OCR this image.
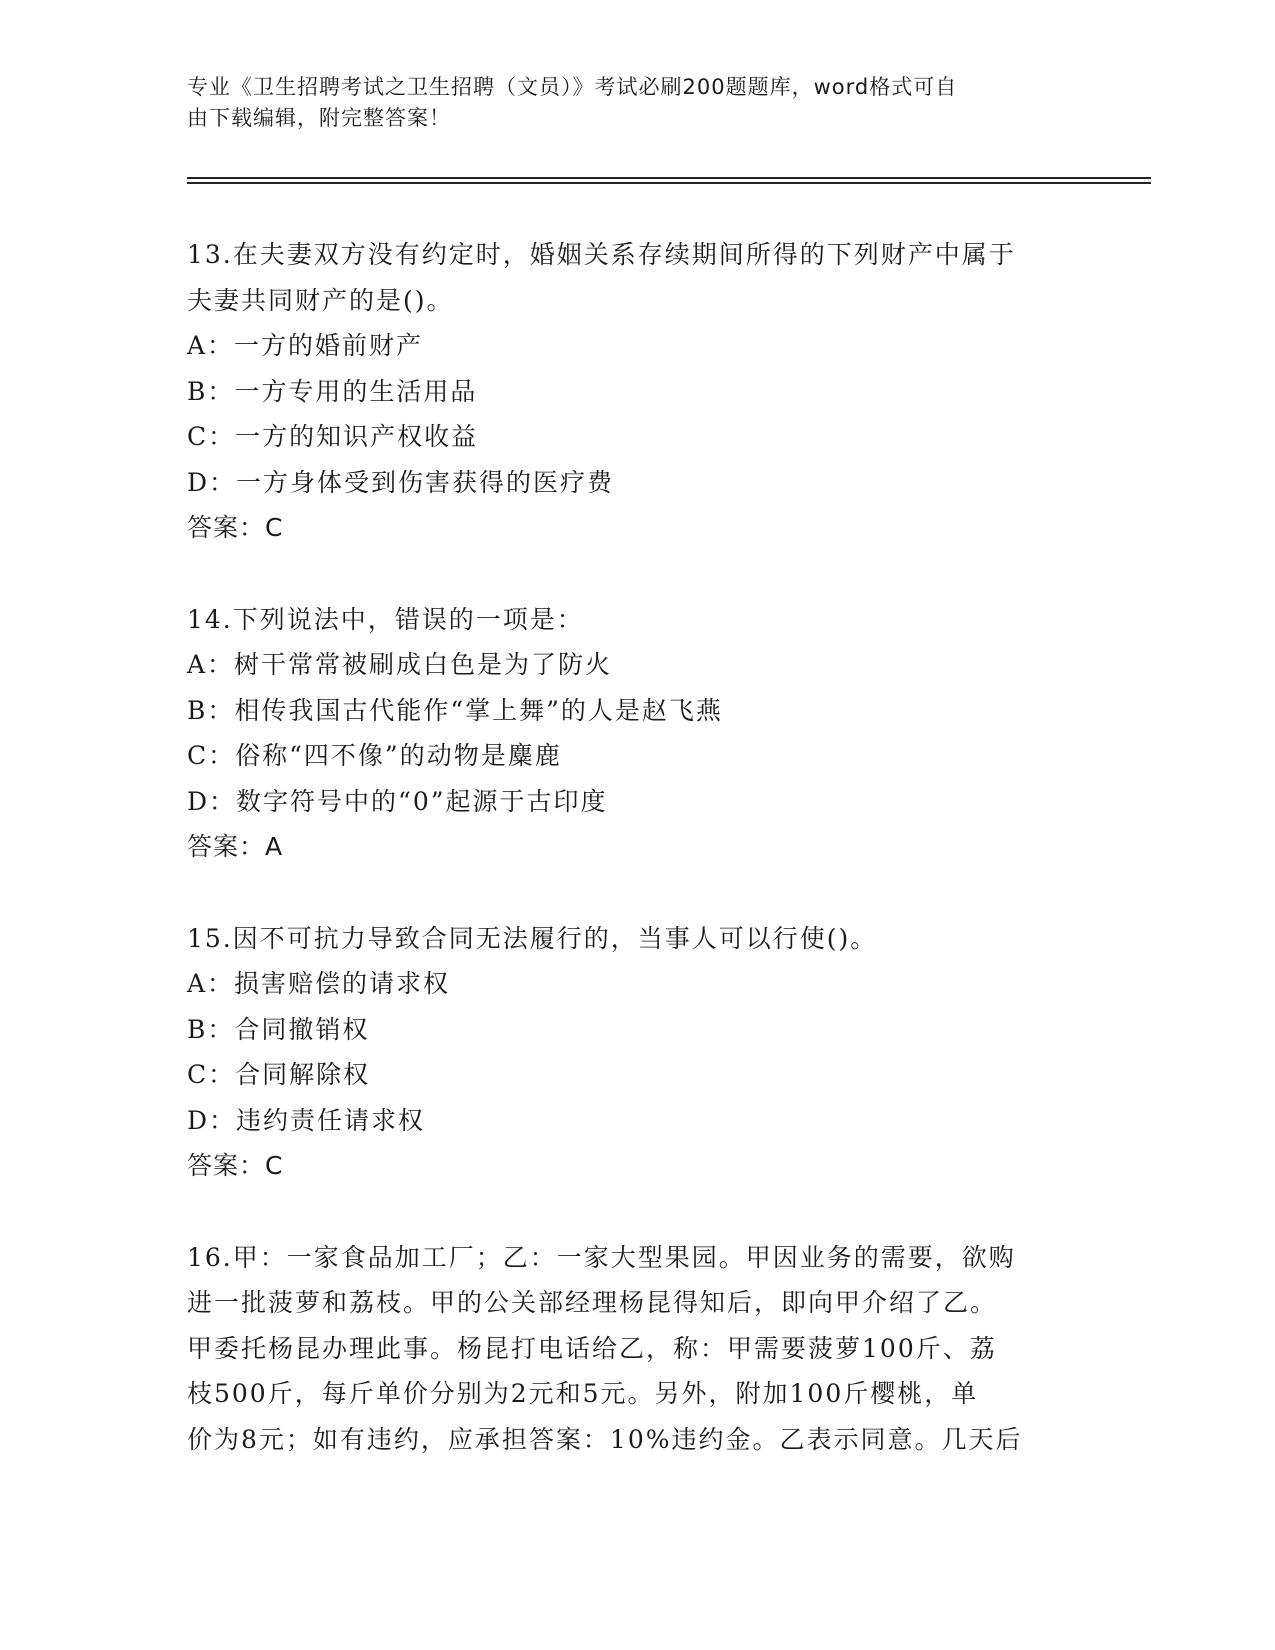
专业《卫生招聘考试之卫生招聘（文员）》考试必刷200题题库，word格式可自
由下载编辑，附完整答案！
13.在夫妻双方没有约定时，婚姻关系存续期间所得的下列财产中属于
夫妻共同财产的是()。
A：一方的婚前财产
B：一方专用的生活用品
C：一方的知识产权收益
D：一方身体受到伤害获得的医疗费
答案：C
14.下列说法中，错误的一项是：
A：树干常常被刷成白色是为了防火
B：相传我国古代能作“掌上舞”的人是赵飞燕
C：俗称“四不像”的动物是麋鹿
D：数字符号中的“0”起源于古印度
答案：A
15.因不可抗力导致合同无法履行的，当事人可以行使()。
A：损害赔偿的请求权
B：合同撤销权
C：合同解除权
D：违约责任请求权
答案：C
16.甲：一家食品加工厂；乙：一家大型果园。甲因业务的需要，欲购
进一批菠萝和荔枝。甲的公关部经理杨昆得知后，即向甲介绍了乙。
甲委托杨昆办理此事。杨昆打电话给乙，称：甲需要菠萝100斤、荔
枝500斤，每斤单价分别为2元和5元。另外，附加100斤樱桃，单
价为8元；如有违约，应承担答案：10%违约金。乙表示同意。几天后
